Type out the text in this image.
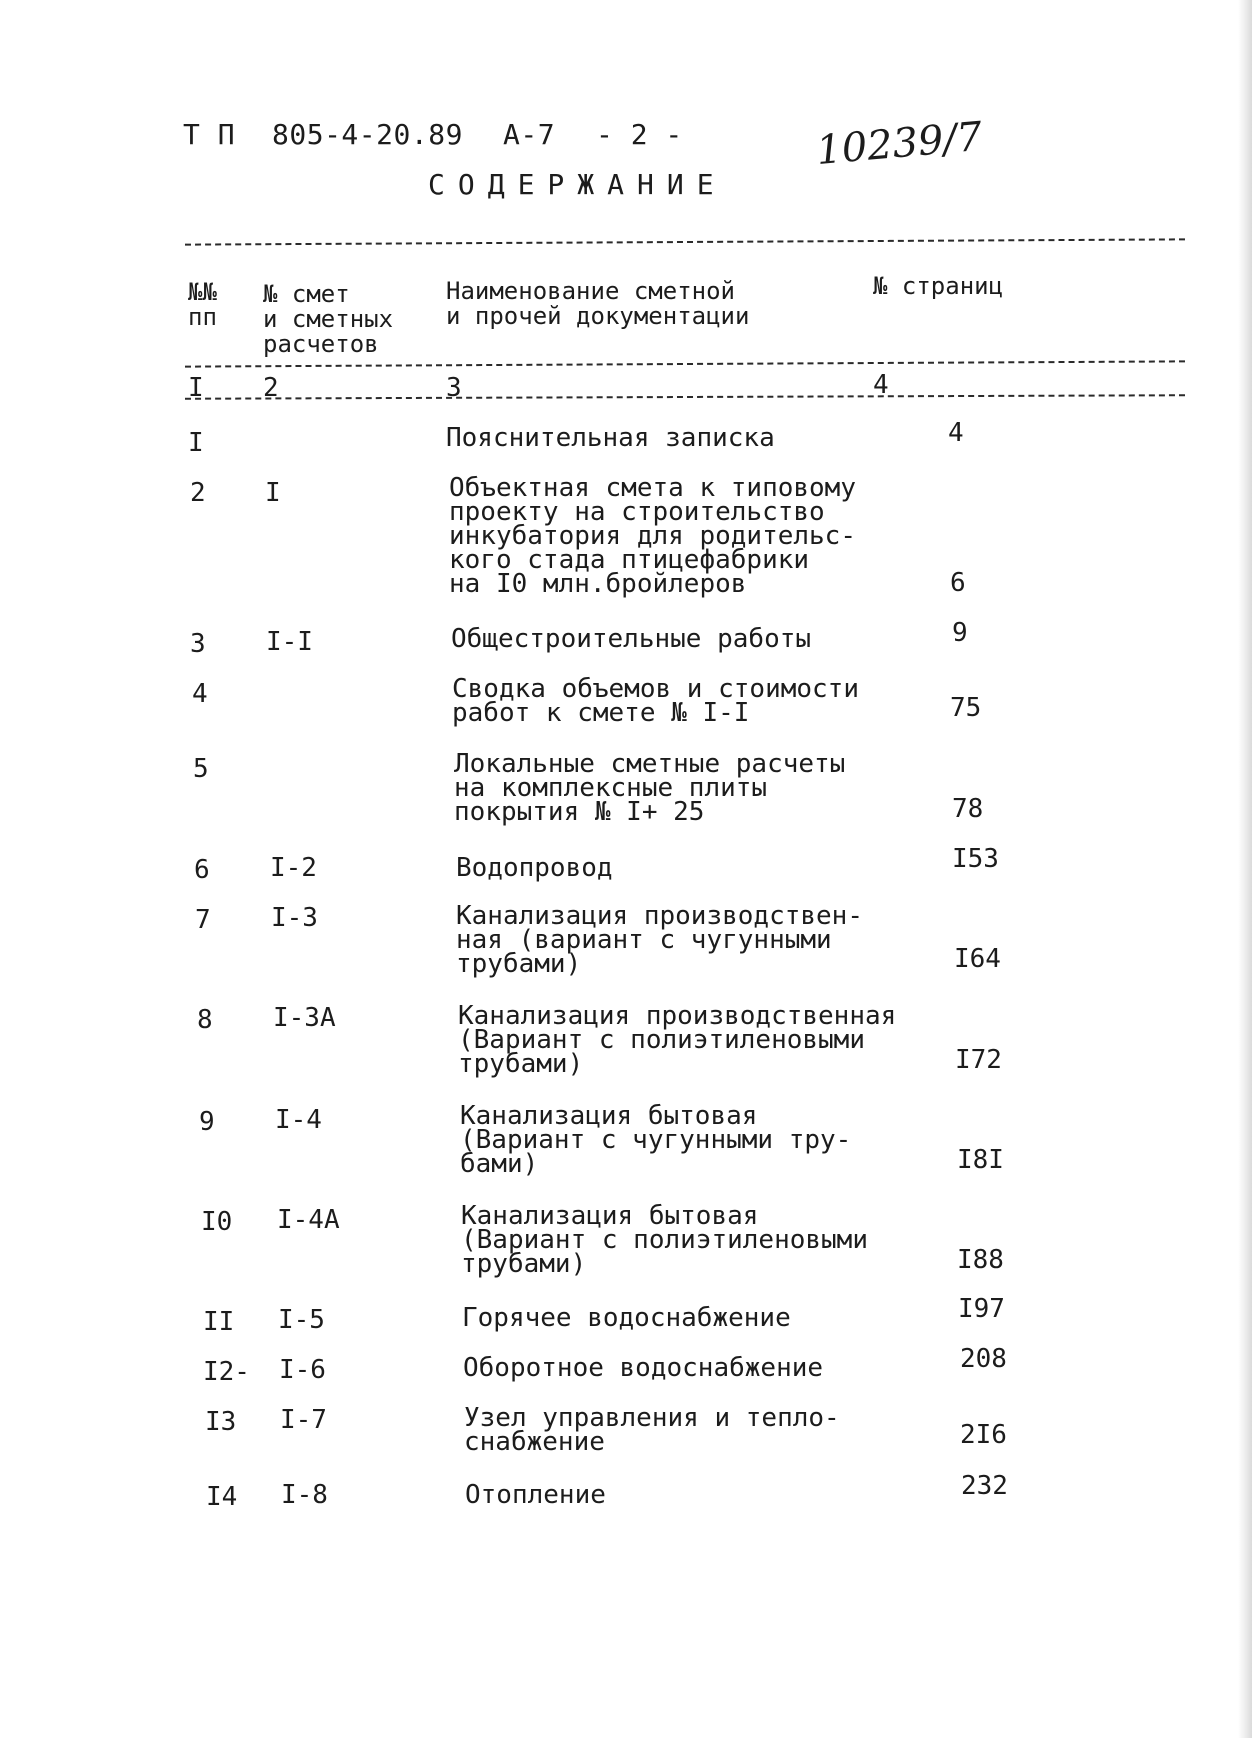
Т П 805-4-20.89 А-7 - 2 -	10239/7
СОДЕРЖАНИЕ
№№
пп
№ смет
и сметных
расчетов
Наименование сметной
и прочей документации
№ страниц
I 2	3	4
I	Пояснительная записка	4
2 I	Объектная смета к типовому
проекту на строительство
инкубатория для родительс-
кого стада птицефабрики
на I0 млн.бройлеров	6
3 I-I	Общестроительные работы	9
4	Сводка объемов и стоимости
работ к смете № I-I	75
5	Локальные сметные расчеты
на комплексные плиты
покрытия № I+ 25	78
6 I-2	Водопровод	I53
7 I-3	Канализация производствен-
ная (вариант с чугунными
трубами)	I64
8 I-3А	Канализация производственная
(Вариант с полиэтиленовыми
трубами)	I72
9 I-4	Канализация бытовая
(Вариант с чугунными тру-
бами)	I8I
I0 I-4А	Канализация бытовая
(Вариант с полиэтиленовыми
трубами)	I88
II I-5	Горячее водоснабжение	I97
I2- I-6	Оборотное водоснабжение	208
I3 I-7	Узел управления и тепло-
снабжение	2I6
I4 I-8	Отопление	232
